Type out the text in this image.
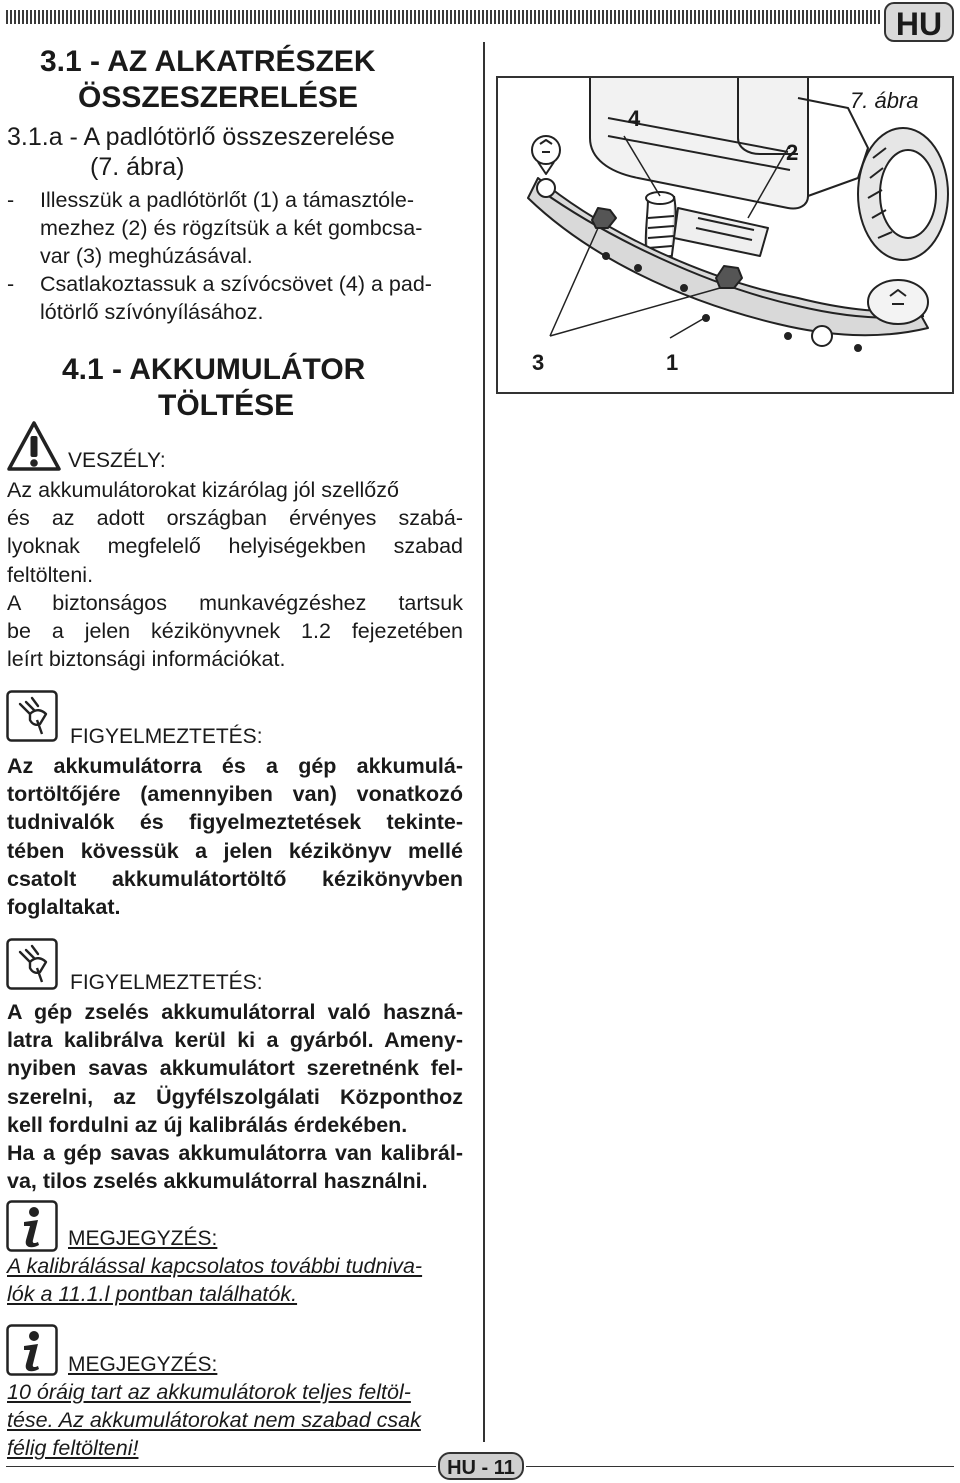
HU
3.1 - AZ ALKATRÉSZEK
ÖSSZESZERELÉSE
3.1.a - A padlótörlő összeszerelése
(7. ábra)
- Illesszük a padlótörlőt (1) a támasztóle-
mezhez (2) és rögzítsük a két gombcsa-
var (3) meghúzásával.
- Csatlakoztassuk a szívócsövet (4) a pad-
lótörlő szívónyílásához.
4.1 - AKKUMULÁTOR
TÖLTÉSE
VESZÉLY:
Az akkumulátorokat kizárólag jól szellőző
és az adott országban érvényes szabá-
lyoknak megfelelő helyiségekben szabad
feltölteni.
A biztonságos munkavégzéshez tartsuk
be a jelen kézikönyvnek 1.2 fejezetében
leírt biztonsági információkat.
FIGYELMEZTETÉS:
Az akkumulátorra és a gép akkumulá-
tortöltőjére (amennyiben van) vonatkozó
tudnivalók és figyelmeztetések tekinte-
tében kövessük a jelen kézikönyv mellé
csatolt akkumulátortöltő kézikönyvben
foglaltakat.
FIGYELMEZTETÉS:
A gép zselés akkumulátorral való haszná-
latra kalibrálva kerül ki a gyárból. Ameny-
nyiben savas akkumulátort szeretnénk fel-
szerelni, az Ügyfélszolgálati Központhoz
kell fordulni az új kalibrálás érdekében.
Ha a gép savas akkumulátorra van kalibrál-
va, tilos zselés akkumulátorral használni.
MEGJEGYZÉS:
A kalibrálással kapcsolatos további tudniva-
lók a 11.1.l pontban találhatók.
MEGJEGYZÉS:
10 óráig tart az akkumulátorok teljes feltöl-
tése. Az akkumulátorokat nem szabad csak
félig feltölteni!
7. ábra
4
2
3	1
HU - 11
